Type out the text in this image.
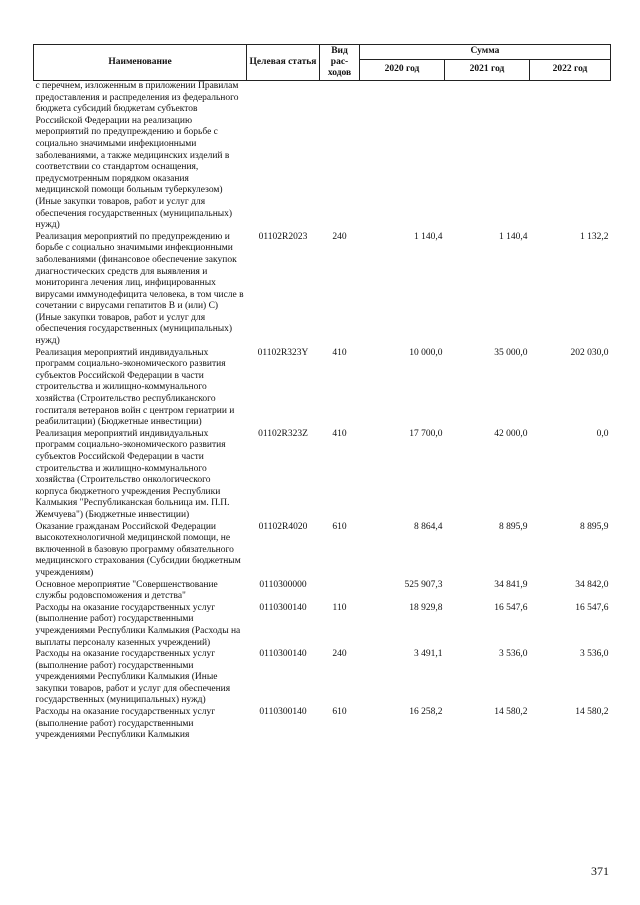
Наименование	Целевая статья	Вид рас-ходов	Сумма		
			2020 год	2021 год	2022 год
с перечнем, изложенным в приложении Правилам предоставления и распределения из федерального бюджета субсидий бюджетам субъектов Российской Федерации на реализацию мероприятий по предупреждению и борьбе с социально значимыми инфекционными заболеваниями, а также медицинских изделий в соответствии со стандартом оснащения, предусмотренным порядком оказания медицинской помощи больным туберкулезом) (Иные закупки товаров, работ и услуг для обеспечения государственных (муниципальных) нужд)					
Реализация мероприятий по предупреждению и борьбе с социально значимыми инфекционными заболеваниями (финансовое обеспечение закупок диагностических средств для выявления и мониторинга лечения лиц, инфицированных вирусами иммунодефицита человека, в том числе в сочетании с вирусами гепатитов В и (или) С) (Иные закупки товаров, работ и услуг для обеспечения государственных (муниципальных) нужд)	01102R2023	240	1 140,4	1 140,4	1 132,2
Реализация мероприятий индивидуальных программ социально-экономического развития субъектов Российской Федерации в части строительства и жилищно-коммунального хозяйства (Строительство республиканского госпиталя ветеранов войн с центром гериатрии и реабилитации) (Бюджетные инвестиции)	01102R323Y	410	10 000,0	35 000,0	202 030,0
Реализация мероприятий индивидуальных программ социально-экономического развития субъектов Российской Федерации в части строительства и жилищно-коммунального хозяйства (Строительство онкологического корпуса бюджетного учреждения Республики Калмыкия "Республиканская больница им. П.П. Жемчуева") (Бюджетные инвестиции)	01102R323Z	410	17 700,0	42 000,0	0,0
Оказание гражданам Российской Федерации высокотехнологичной медицинской помощи, не включенной в базовую программу обязательного медицинского страхования (Субсидии бюджетным учреждениям)	01102R4020	610	8 864,4	8 895,9	8 895,9
Основное мероприятие "Совершенствование службы родовспоможения и детства"	0110300000		525 907,3	34 841,9	34 842,0
Расходы на оказание государственных услуг (выполнение работ) государственными учреждениями Республики Калмыкия (Расходы на выплаты персоналу казенных учреждений)	0110300140	110	18 929,8	16 547,6	16 547,6
Расходы на оказание государственных услуг (выполнение работ) государственными учреждениями Республики Калмыкия (Иные закупки товаров, работ и услуг для обеспечения государственных (муниципальных) нужд)	0110300140	240	3 491,1	3 536,0	3 536,0
Расходы на оказание государственных услуг (выполнение работ) государственными учреждениями Республики Калмыкия	0110300140	610	16 258,2	14 580,2	14 580,2
371
